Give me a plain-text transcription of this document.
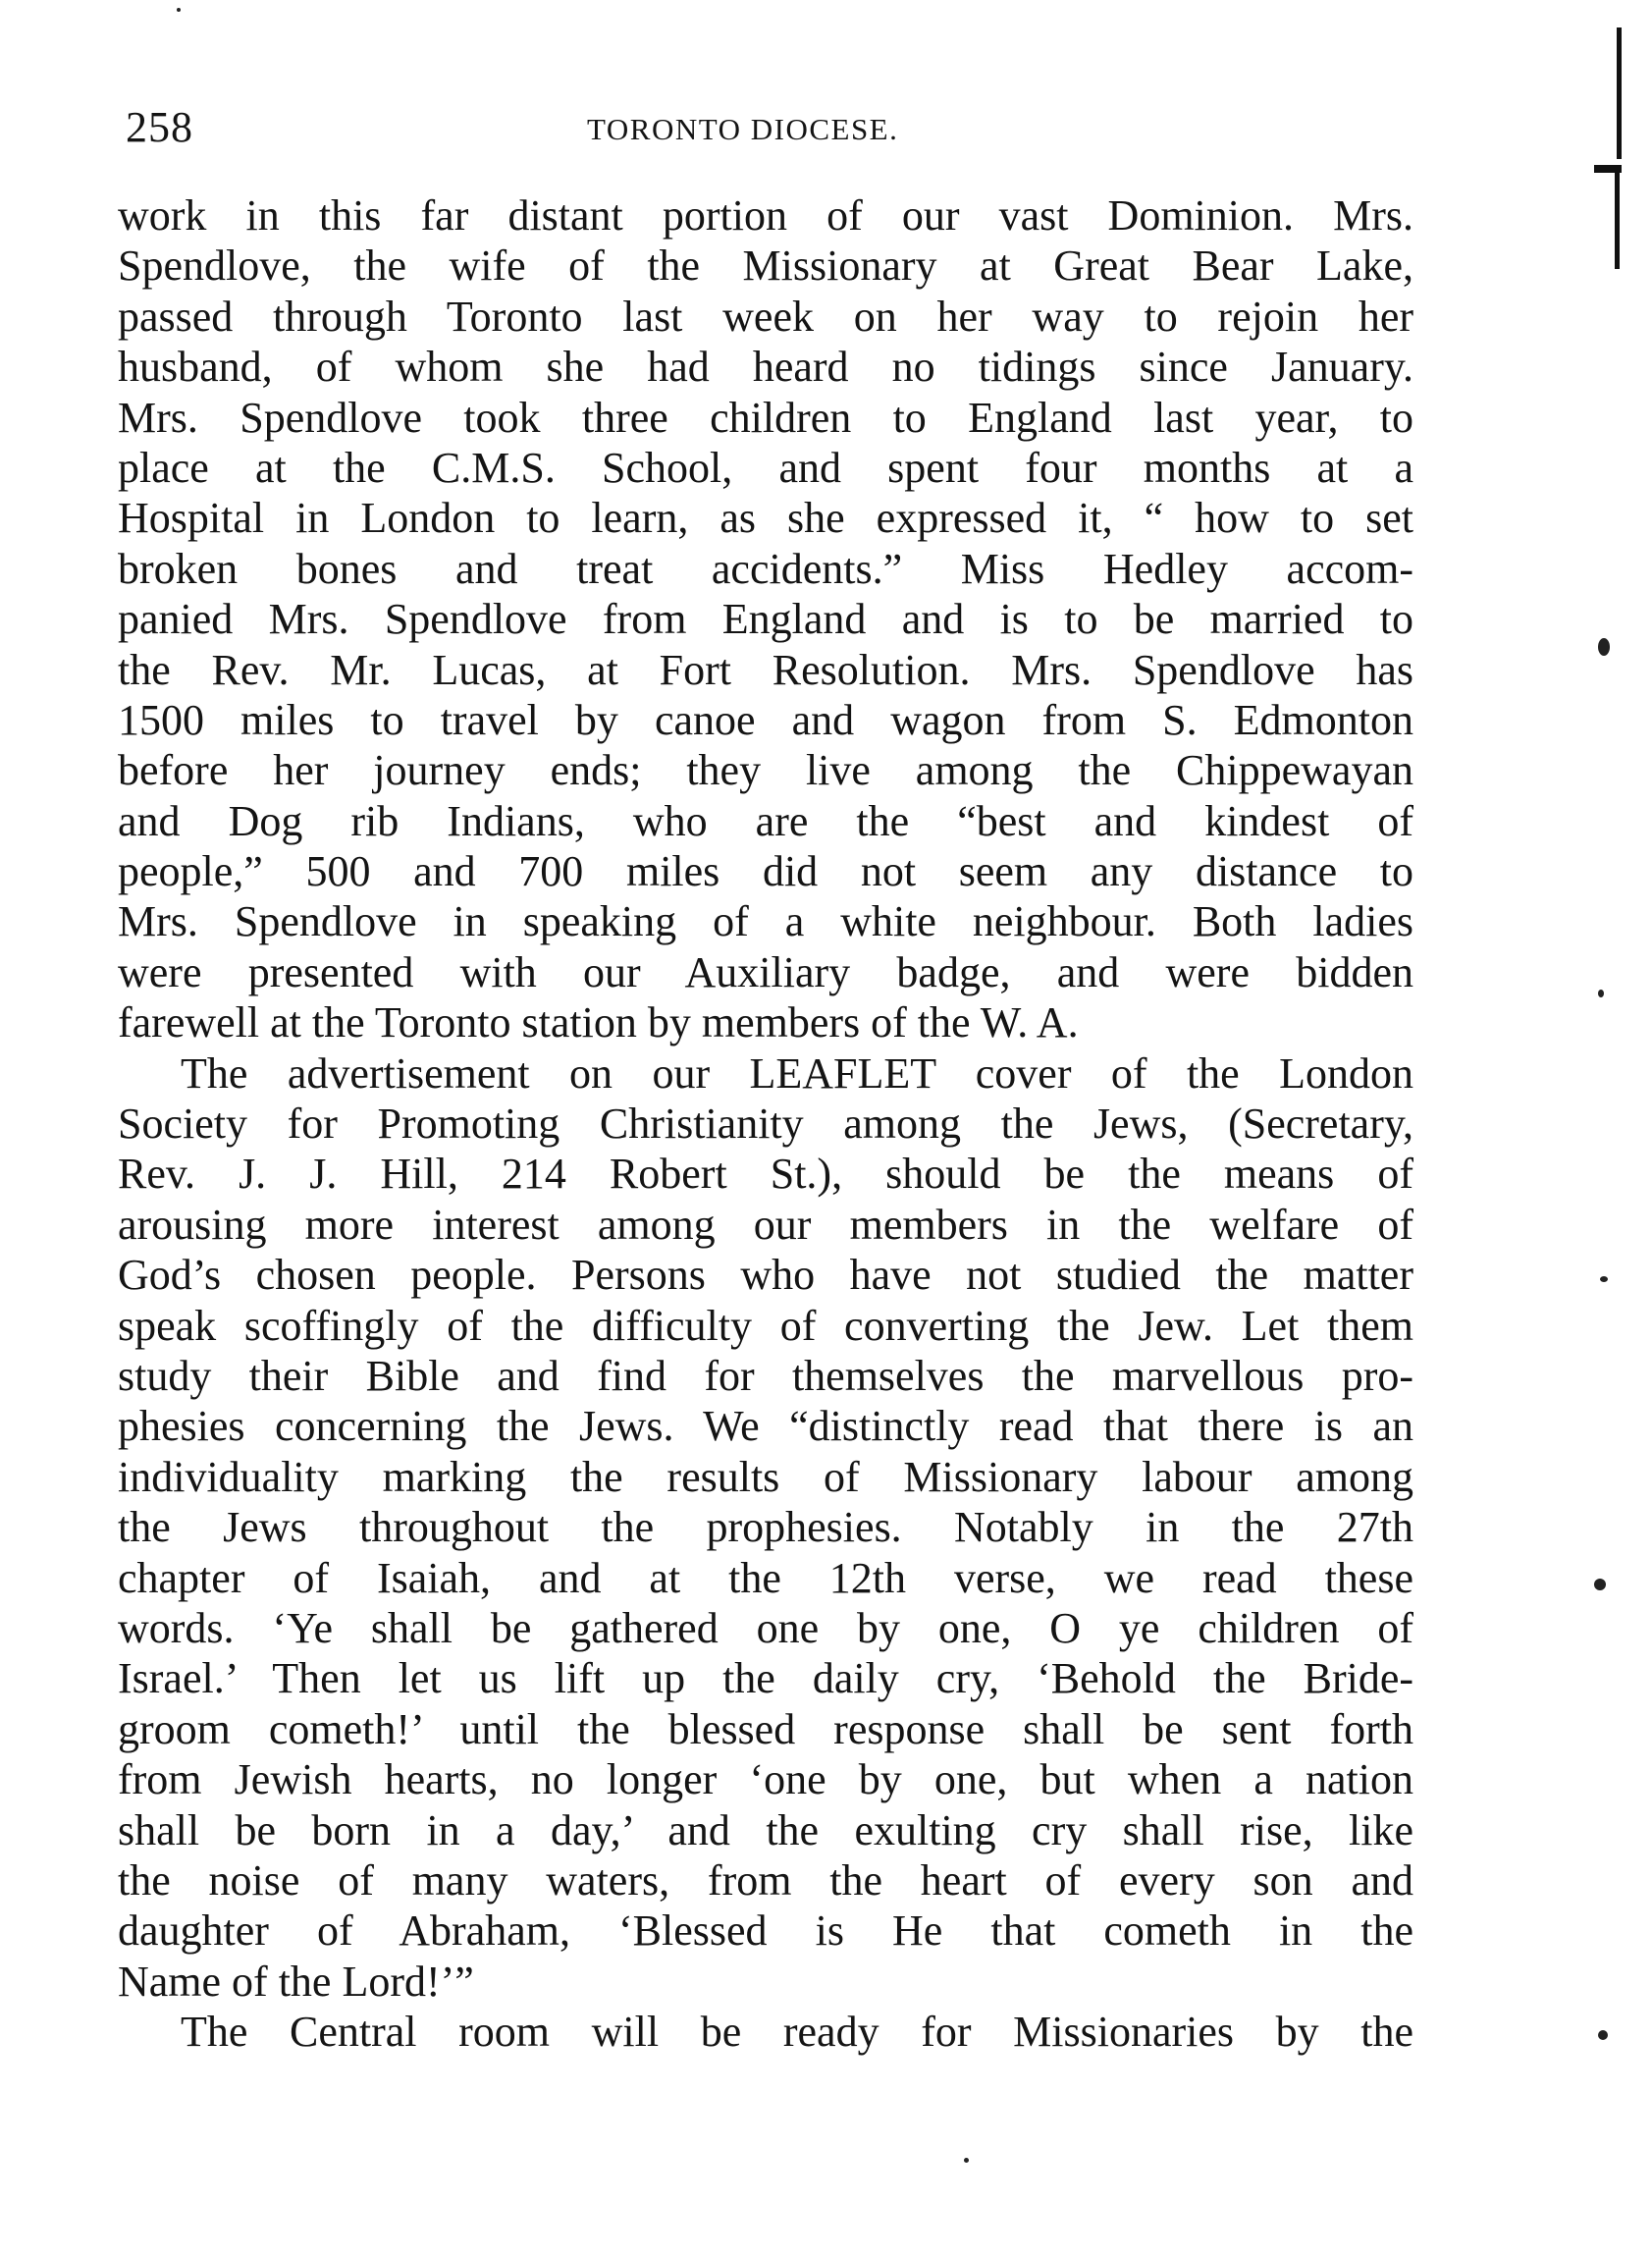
258	TORONTO DIOCESE.
work in this far distant portion of our vast Dominion. Mrs.
Spendlove, the wife of the Missionary at Great Bear Lake,
passed through Toronto last week on her way to rejoin her
husband, of whom she had heard no tidings since January.
Mrs. Spendlove took three children to England last year, to
place at the C.M.S. School, and spent four months at a
Hospital in London to learn, as she expressed it, “ how to set
broken bones and treat accidents.” Miss Hedley accom-
panied Mrs. Spendlove from England and is to be married to
the Rev. Mr. Lucas, at Fort Resolution. Mrs. Spendlove has
1500 miles to travel by canoe and wagon from S. Edmonton
before her journey ends; they live among the Chippewayan
and Dog rib Indians, who are the “best and kindest of
people,” 500 and 700 miles did not seem any distance to
Mrs. Spendlove in speaking of a white neighbour. Both ladies
were presented with our Auxiliary badge, and were bidden
farewell at the Toronto station by members of the W. A.
The advertisement on our LEAFLET cover of the London
Society for Promoting Christianity among the Jews, (Secretary,
Rev. J. J. Hill, 214 Robert St.), should be the means of
arousing more interest among our members in the welfare of
God’s chosen people. Persons who have not studied the matter
speak scoffingly of the difficulty of converting the Jew. Let them
study their Bible and find for themselves the marvellous pro-
phesies concerning the Jews. We “distinctly read that there is an
individuality marking the results of Missionary labour among
the Jews throughout the prophesies. Notably in the 27th
chapter of Isaiah, and at the 12th verse, we read these
words. ‘Ye shall be gathered one by one, O ye children of
Israel.’ Then let us lift up the daily cry, ‘Behold the Bride-
groom cometh!’ until the blessed response shall be sent forth
from Jewish hearts, no longer ‘one by one, but when a nation
shall be born in a day,’ and the exulting cry shall rise, like
the noise of many waters, from the heart of every son and
daughter of Abraham, ‘Blessed is He that cometh in the
Name of the Lord!’”
The Central room will be ready for Missionaries by the
